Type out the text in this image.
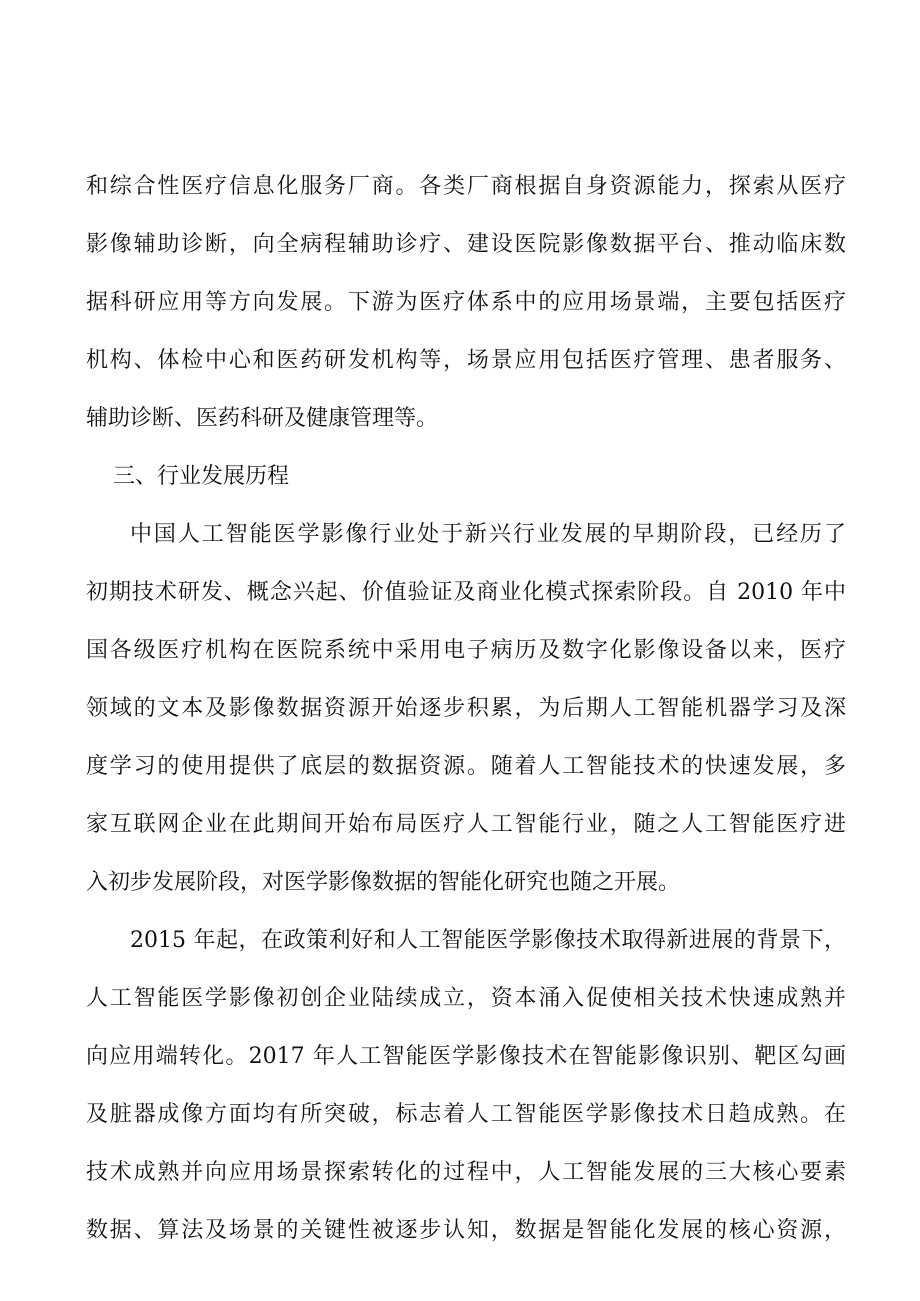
和综合性医疗信息化服务厂商。各类厂商根据自身资源能力，探索从医疗
影像辅助诊断，向全病程辅助诊疗、建设医院影像数据平台、推动临床数
据科研应用等方向发展。下游为医疗体系中的应用场景端，主要包括医疗
机构、体检中心和医药研发机构等，场景应用包括医疗管理、患者服务、
辅助诊断、医药科研及健康管理等。
三、行业发展历程
中国人工智能医学影像行业处于新兴行业发展的早期阶段，已经历了
初期技术研发、概念兴起、价值验证及商业化模式探索阶段。自 2010 年中
国各级医疗机构在医院系统中采用电子病历及数字化影像设备以来，医疗
领域的文本及影像数据资源开始逐步积累，为后期人工智能机器学习及深
度学习的使用提供了底层的数据资源。随着人工智能技术的快速发展，多
家互联网企业在此期间开始布局医疗人工智能行业，随之人工智能医疗进
入初步发展阶段，对医学影像数据的智能化研究也随之开展。
2015 年起，在政策利好和人工智能医学影像技术取得新进展的背景下，
人工智能医学影像初创企业陆续成立，资本涌入促使相关技术快速成熟并
向应用端转化。2017 年人工智能医学影像技术在智能影像识别、靶区勾画
及脏器成像方面均有所突破，标志着人工智能医学影像技术日趋成熟。在
技术成熟并向应用场景探索转化的过程中，人工智能发展的三大核心要素
数据、算法及场景的关键性被逐步认知，数据是智能化发展的核心资源，
